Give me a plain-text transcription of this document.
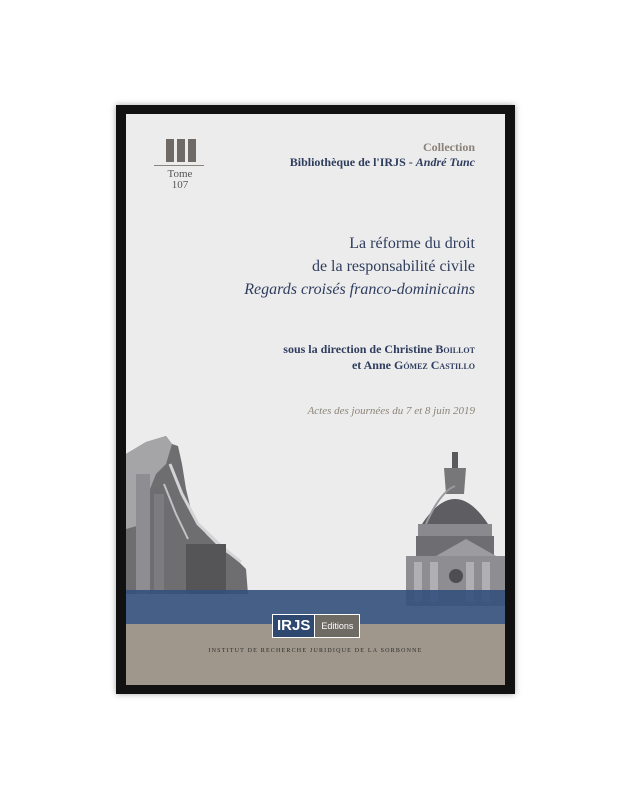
Tome
107
Collection
Bibliothèque de l'IRJS - André Tunc
La réforme du droit
de la responsabilité civile
Regards croisés franco-dominicains
sous la direction de Christine Boillot
et Anne Gómez Castillo
Actes des journées du 7 et 8 juin 2019
IRJS	Editions
INSTITUT DE RECHERCHE JURIDIQUE DE LA SORBONNE
